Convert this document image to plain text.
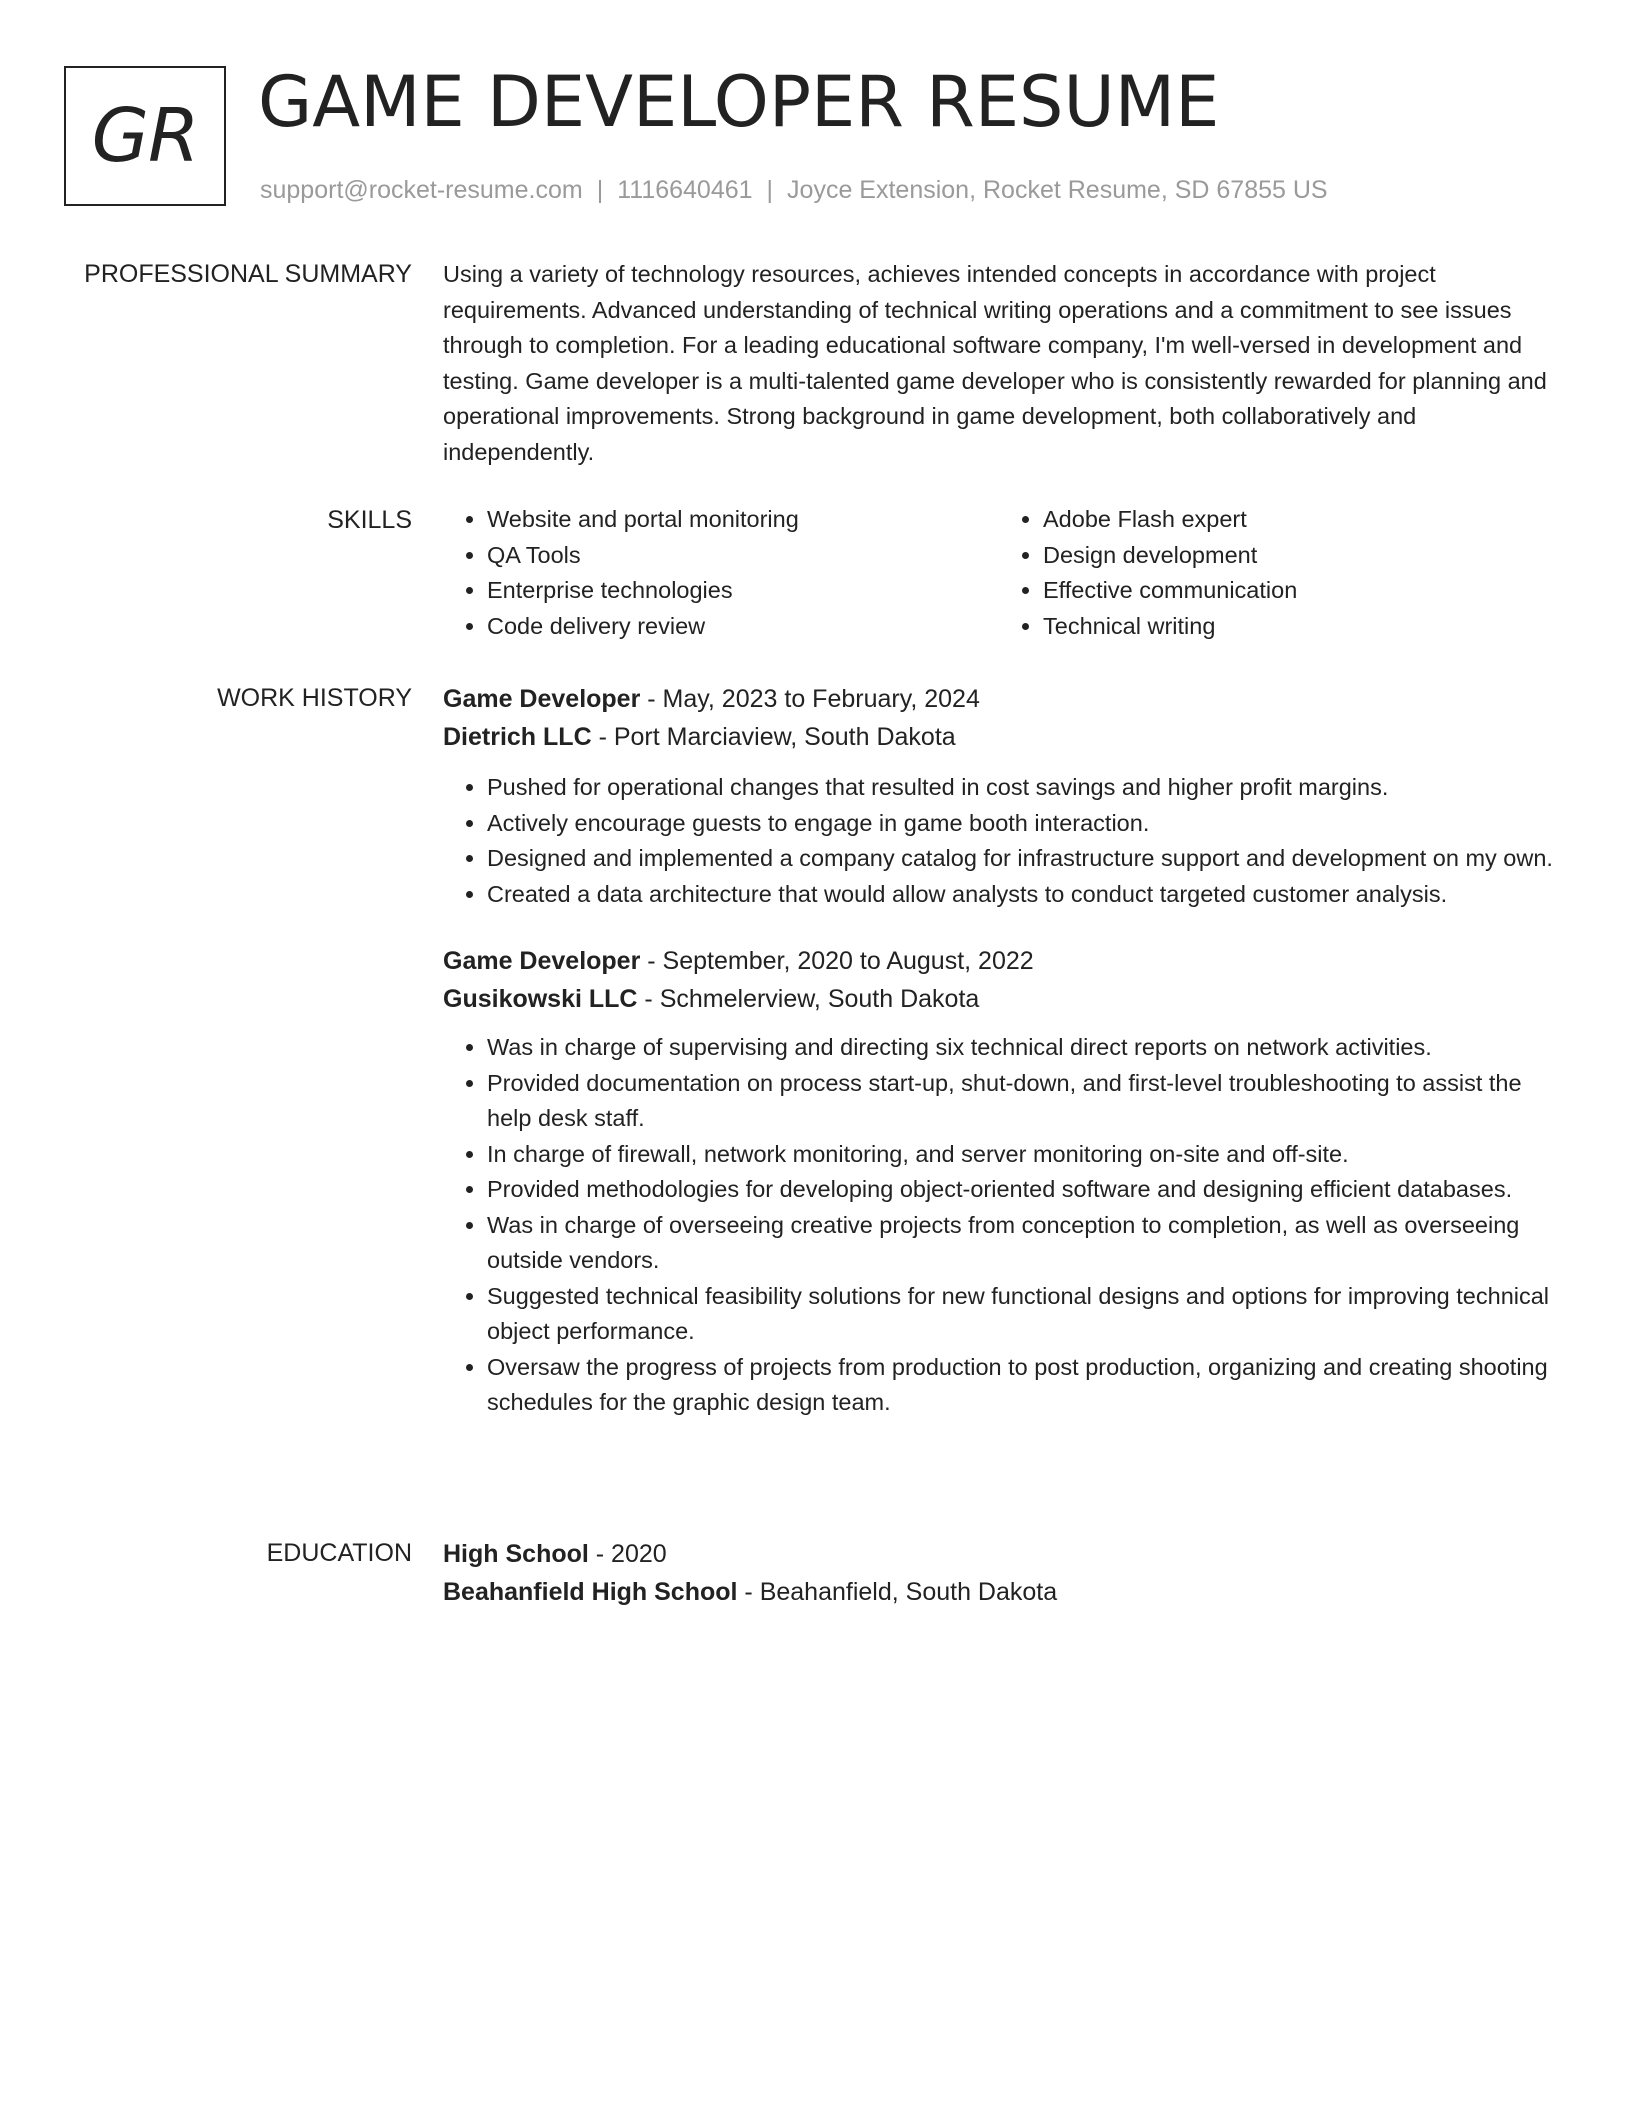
GR GAME DEVELOPER RESUME
support@rocket-resume.com | 1116640461 | Joyce Extension, Rocket Resume, SD 67855 US
PROFESSIONAL SUMMARY Using a variety of technology resources, achieves intended concepts in accordance with project requirements. Advanced understanding of technical writing operations and a commitment to see issues through to completion. For a leading educational software company, I'm well-versed in development and testing. Game developer is a multi-talented game developer who is consistently rewarded for planning and operational improvements. Strong background in game development, both collaboratively and independently.

SKILLS
•	Website and portal monitoring
• QA Tools
• Enterprise technologies
• Code delivery review
• Adobe Flash expert
• Design development
• Effective communication
• Technical writing
WORK HISTORY Game Developer - May, 2023 to February, 2024
Dietrich LLC - Port Marciaview, South Dakota
• Pushed for operational changes that resulted in cost savings and higher profit margins.
• Actively encourage guests to engage in game booth interaction.
• Designed and implemented a company catalog for infrastructure support and development on my own.
• Created a data architecture that would allow analysts to conduct targeted customer analysis.
Game Developer - September, 2020 to August, 2022
Gusikowski LLC - Schmelerview, South Dakota
• Was in charge of supervising and directing six technical direct reports on network activities.
• Provided documentation on process start-up, shut-down, and first-level troubleshooting to assist the help desk staff.
• In charge of firewall, network monitoring, and server monitoring on-site and off-site.
• Provided methodologies for developing object-oriented software and designing efficient databases.
• Was in charge of overseeing creative projects from conception to completion, as well as overseeing outside vendors.
• Suggested technical feasibility solutions for new functional designs and options for improving technical object performance.
• Oversaw the progress of projects from production to post production, organizing and creating shooting schedules for the graphic design team.
EDUCATION High School - 2020
Beahanfield High School - Beahanfield, South Dakota
